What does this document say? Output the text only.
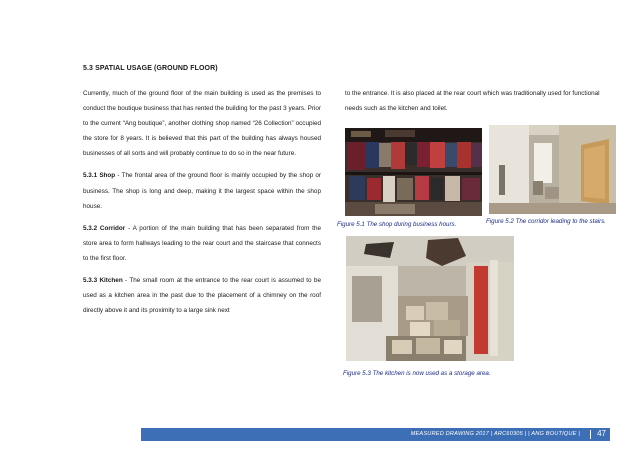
5.3 SPATIAL USAGE (GROUND FLOOR)

Currently, much of the ground floor of the main building is used as the premises to conduct the boutique business that has rented the building for the past 3 years. Prior to the current “Ang boutique”, another clothing shop named “26 Collection” occupied the store for 8 years. It is believed that this part of the building has always housed businesses of all sorts and will probably continue to do so in the near future.

5.3.1 Shop - The frontal area of the ground floor is mainly occupied by the shop or business. The shop is long and deep, making it the largest space within the shop house.

5.3.2 Corridor - A portion of the main building that has been separated from the store area to form hallways leading to the rear court and the staircase that connects to the first floor.

5.3.3 Kitchen - The small room at the entrance to the rear court is assumed to be used as a kitchen area in the past due to the placement of a chimney on the roof directly above it and its proximity to a large sink next

to the entrance. It is also placed at the rear court which was traditionally used for functional needs such as the kitchen and toilet.

Figure 5.1 The shop during business hours.	Figure 5.2 The corridor leading to the stairs.
Figure 5.3 The kitchen is now used as a storage area.
MEASURED DRAWING 2017 | ARC60305 | | ANG BOUTIQUE | 47
